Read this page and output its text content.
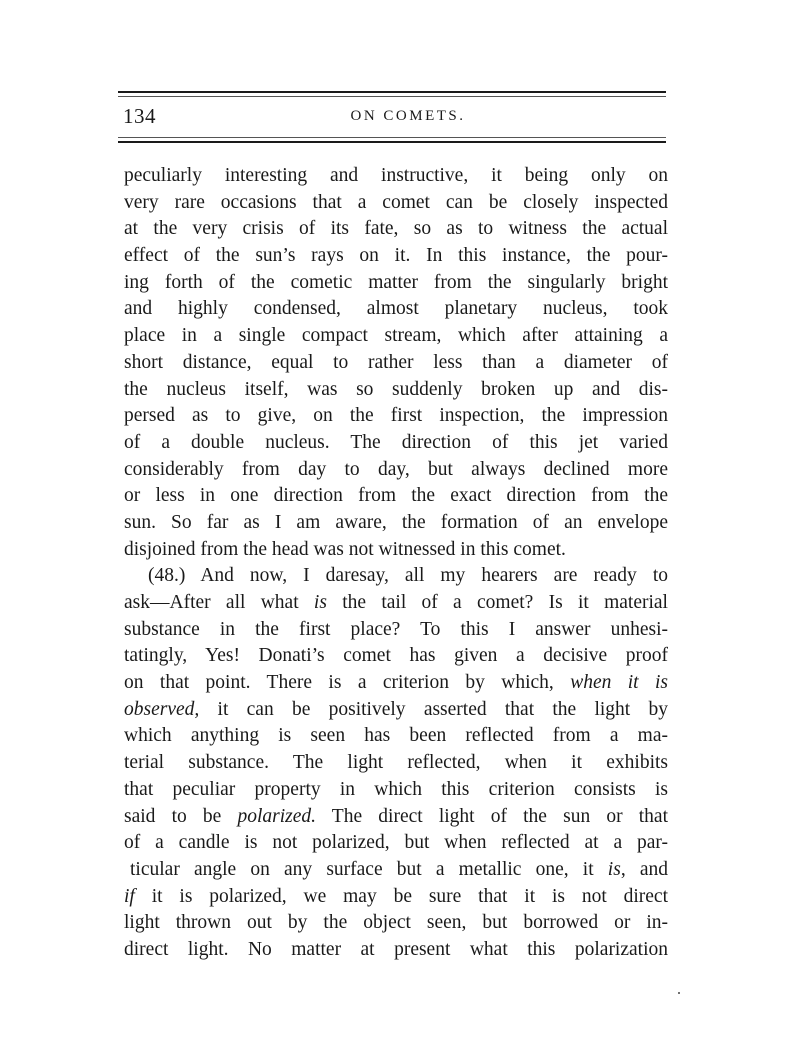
134	ON COMETS.
peculiarly interesting and instructive, it being only on
very rare occasions that a comet can be closely inspected
at the very crisis of its fate, so as to witness the actual
effect of the sun’s rays on it. In this instance, the pour-
ing forth of the cometic matter from the singularly bright
and highly condensed, almost planetary nucleus, took
place in a single compact stream, which after attaining a
short distance, equal to rather less than a diameter of
the nucleus itself, was so suddenly broken up and dis-
persed as to give, on the first inspection, the impression
of a double nucleus. The direction of this jet varied
considerably from day to day, but always declined more
or less in one direction from the exact direction from the
sun. So far as I am aware, the formation of an envelope
disjoined from the head was not witnessed in this comet.
(48.) And now, I daresay, all my hearers are ready to
ask—After all what is the tail of a comet? Is it material
substance in the first place? To this I answer unhesi-
tatingly, Yes! Donati’s comet has given a decisive proof
on that point. There is a criterion by which, when it is
observed, it can be positively asserted that the light by
which anything is seen has been reflected from a ma-
terial substance. The light reflected, when it exhibits
that peculiar property in which this criterion consists is
said to be polarized. The direct light of the sun or that
of a candle is not polarized, but when reflected at a par-
ticular angle on any surface but a metallic one, it is, and
if it is polarized, we may be sure that it is not direct
light thrown out by the object seen, but borrowed or in-
direct light. No matter at present what this polarization
